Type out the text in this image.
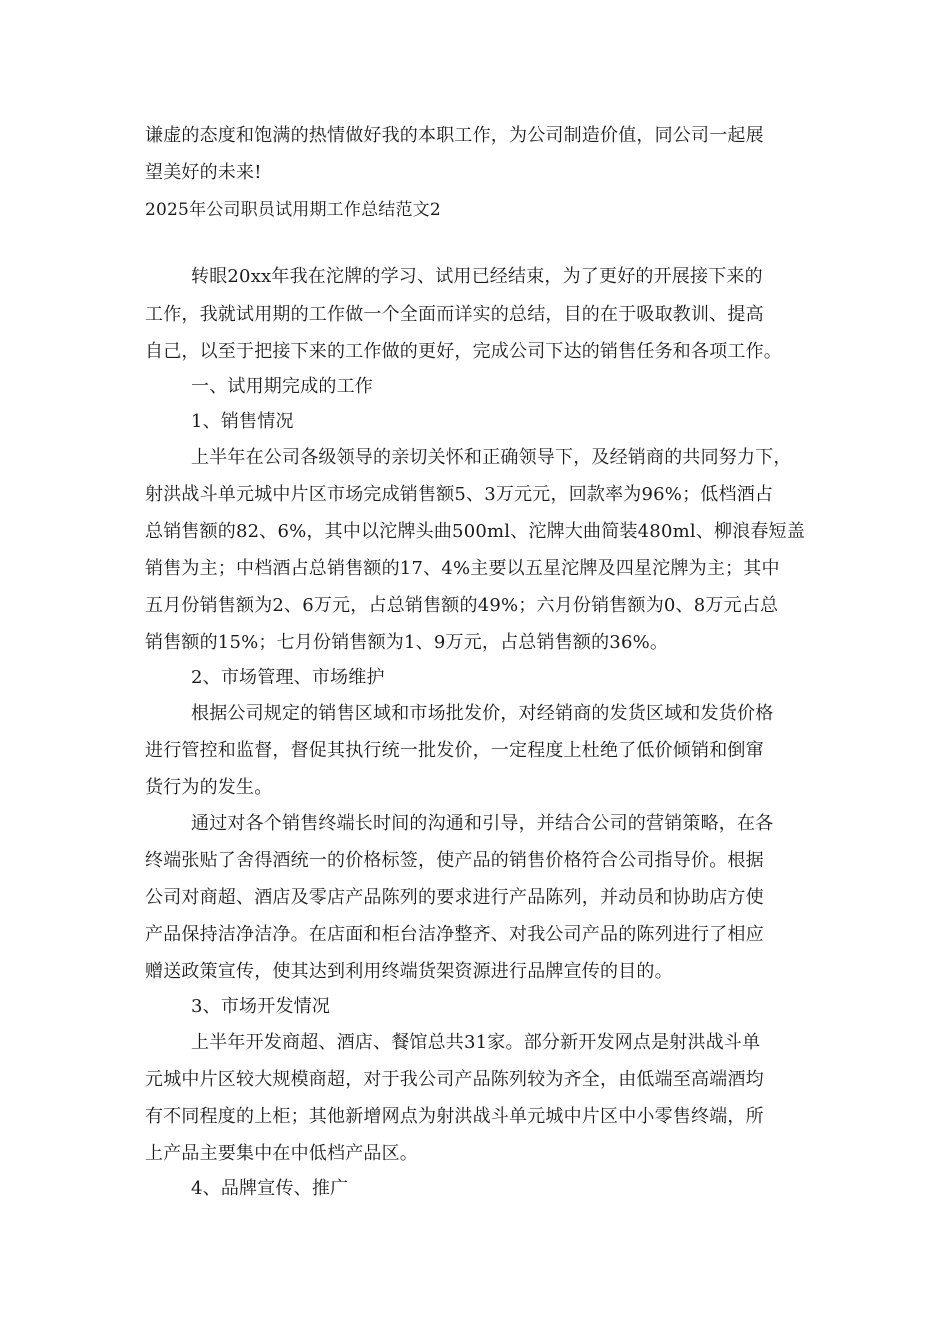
谦虚的态度和饱满的热情做好我的本职工作，为公司制造价值，同公司一起展
望美好的未来!
2025年公司职员试用期工作总结范文2
转眼20xx年我在沱牌的学习、试用已经结束，为了更好的开展接下来的
工作，我就试用期的工作做一个全面而详实的总结，目的在于吸取教训、提高
自己，以至于把接下来的工作做的更好，完成公司下达的销售任务和各项工作。
一、试用期完成的工作
1、销售情况
上半年在公司各级领导的亲切关怀和正确领导下，及经销商的共同努力下，
射洪战斗单元城中片区市场完成销售额5、3万元元，回款率为96%；低档酒占
总销售额的82、6%，其中以沱牌头曲500ml、沱牌大曲简装480ml、柳浪春短盖
销售为主；中档酒占总销售额的17、4%主要以五星沱牌及四星沱牌为主；其中
五月份销售额为2、6万元，占总销售额的49%；六月份销售额为0、8万元占总
销售额的15%；七月份销售额为1、9万元，占总销售额的36%。
2、市场管理、市场维护
根据公司规定的销售区域和市场批发价，对经销商的发货区域和发货价格
进行管控和监督，督促其执行统一批发价，一定程度上杜绝了低价倾销和倒窜
货行为的发生。
通过对各个销售终端长时间的沟通和引导，并结合公司的营销策略，在各
终端张贴了舍得酒统一的价格标签，使产品的销售价格符合公司指导价。根据
公司对商超、酒店及零店产品陈列的要求进行产品陈列，并动员和协助店方使
产品保持洁净洁净。在店面和柜台洁净整齐、对我公司产品的陈列进行了相应
赠送政策宣传，使其达到利用终端货架资源进行品牌宣传的目的。
3、市场开发情况
上半年开发商超、酒店、餐馆总共31家。部分新开发网点是射洪战斗单
元城中片区较大规模商超，对于我公司产品陈列较为齐全，由低端至高端酒均
有不同程度的上柜；其他新增网点为射洪战斗单元城中片区中小零售终端，所
上产品主要集中在中低档产品区。
4、品牌宣传、推广
